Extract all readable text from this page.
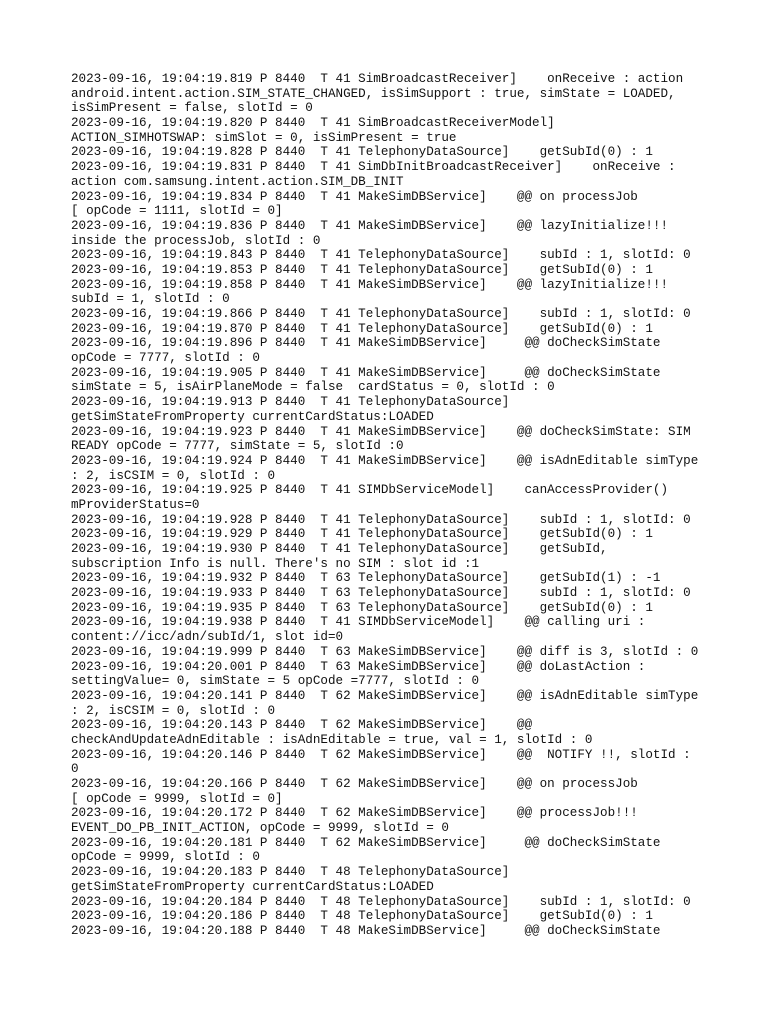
2023-09-16, 19:04:19.819 P 8440  T 41 SimBroadcastReceiver]    onReceive : action
android.intent.action.SIM_STATE_CHANGED, isSimSupport : true, simState = LOADED,
isSimPresent = false, slotId = 0
2023-09-16, 19:04:19.820 P 8440  T 41 SimBroadcastReceiverModel]
ACTION_SIMHOTSWAP: simSlot = 0, isSimPresent = true
2023-09-16, 19:04:19.828 P 8440  T 41 TelephonyDataSource]    getSubId(0) : 1
2023-09-16, 19:04:19.831 P 8440  T 41 SimDbInitBroadcastReceiver]    onReceive :
action com.samsung.intent.action.SIM_DB_INIT
2023-09-16, 19:04:19.834 P 8440  T 41 MakeSimDBService]    @@ on processJob
[ opCode = 1111, slotId = 0]
2023-09-16, 19:04:19.836 P 8440  T 41 MakeSimDBService]    @@ lazyInitialize!!!
inside the processJob, slotId : 0
2023-09-16, 19:04:19.843 P 8440  T 41 TelephonyDataSource]    subId : 1, slotId: 0
2023-09-16, 19:04:19.853 P 8440  T 41 TelephonyDataSource]    getSubId(0) : 1
2023-09-16, 19:04:19.858 P 8440  T 41 MakeSimDBService]    @@ lazyInitialize!!!
subId = 1, slotId : 0
2023-09-16, 19:04:19.866 P 8440  T 41 TelephonyDataSource]    subId : 1, slotId: 0
2023-09-16, 19:04:19.870 P 8440  T 41 TelephonyDataSource]    getSubId(0) : 1
2023-09-16, 19:04:19.896 P 8440  T 41 MakeSimDBService]     @@ doCheckSimState
opCode = 7777, slotId : 0
2023-09-16, 19:04:19.905 P 8440  T 41 MakeSimDBService]     @@ doCheckSimState
simState = 5, isAirPlaneMode = false  cardStatus = 0, slotId : 0
2023-09-16, 19:04:19.913 P 8440  T 41 TelephonyDataSource]
getSimStateFromProperty currentCardStatus:LOADED
2023-09-16, 19:04:19.923 P 8440  T 41 MakeSimDBService]    @@ doCheckSimState: SIM
READY opCode = 7777, simState = 5, slotId :0
2023-09-16, 19:04:19.924 P 8440  T 41 MakeSimDBService]    @@ isAdnEditable simType
: 2, isCSIM = 0, slotId : 0
2023-09-16, 19:04:19.925 P 8440  T 41 SIMDbServiceModel]    canAccessProvider()
mProviderStatus=0
2023-09-16, 19:04:19.928 P 8440  T 41 TelephonyDataSource]    subId : 1, slotId: 0
2023-09-16, 19:04:19.929 P 8440  T 41 TelephonyDataSource]    getSubId(0) : 1
2023-09-16, 19:04:19.930 P 8440  T 41 TelephonyDataSource]    getSubId,
subscription Info is null. There's no SIM : slot id :1
2023-09-16, 19:04:19.932 P 8440  T 63 TelephonyDataSource]    getSubId(1) : -1
2023-09-16, 19:04:19.933 P 8440  T 63 TelephonyDataSource]    subId : 1, slotId: 0
2023-09-16, 19:04:19.935 P 8440  T 63 TelephonyDataSource]    getSubId(0) : 1
2023-09-16, 19:04:19.938 P 8440  T 41 SIMDbServiceModel]    @@ calling uri :
content://icc/adn/subId/1, slot id=0
2023-09-16, 19:04:19.999 P 8440  T 63 MakeSimDBService]    @@ diff is 3, slotId : 0
2023-09-16, 19:04:20.001 P 8440  T 63 MakeSimDBService]    @@ doLastAction :
settingValue= 0, simState = 5 opCode =7777, slotId : 0
2023-09-16, 19:04:20.141 P 8440  T 62 MakeSimDBService]    @@ isAdnEditable simType
: 2, isCSIM = 0, slotId : 0
2023-09-16, 19:04:20.143 P 8440  T 62 MakeSimDBService]    @@
checkAndUpdateAdnEditable : isAdnEditable = true, val = 1, slotId : 0
2023-09-16, 19:04:20.146 P 8440  T 62 MakeSimDBService]    @@  NOTIFY !!, slotId :
0
2023-09-16, 19:04:20.166 P 8440  T 62 MakeSimDBService]    @@ on processJob
[ opCode = 9999, slotId = 0]
2023-09-16, 19:04:20.172 P 8440  T 62 MakeSimDBService]    @@ processJob!!!
EVENT_DO_PB_INIT_ACTION, opCode = 9999, slotId = 0
2023-09-16, 19:04:20.181 P 8440  T 62 MakeSimDBService]     @@ doCheckSimState
opCode = 9999, slotId : 0
2023-09-16, 19:04:20.183 P 8440  T 48 TelephonyDataSource]
getSimStateFromProperty currentCardStatus:LOADED
2023-09-16, 19:04:20.184 P 8440  T 48 TelephonyDataSource]    subId : 1, slotId: 0
2023-09-16, 19:04:20.186 P 8440  T 48 TelephonyDataSource]    getSubId(0) : 1
2023-09-16, 19:04:20.188 P 8440  T 48 MakeSimDBService]     @@ doCheckSimState
